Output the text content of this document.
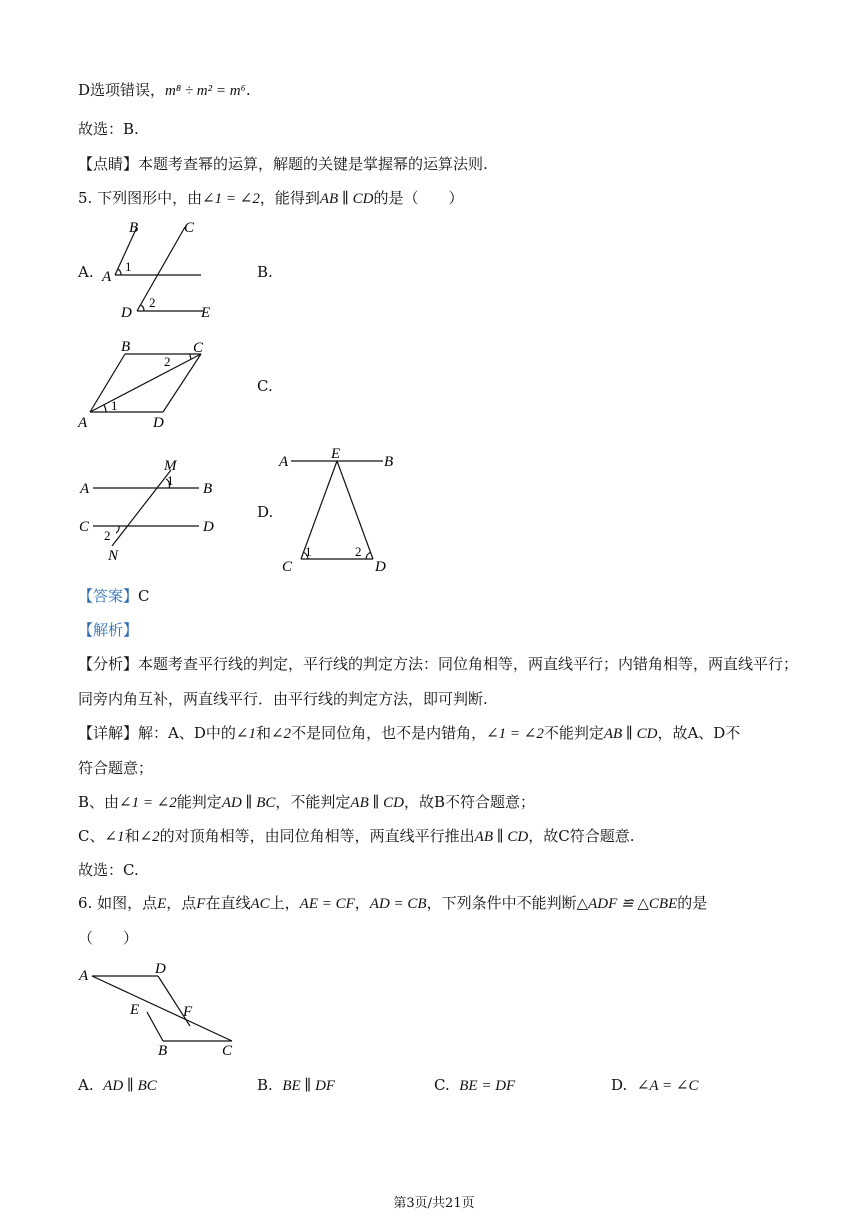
D选项错误，m⁸ ÷ m² = m⁶.
故选：B.
【点睛】本题考查幂的运算，解题的关键是掌握幂的运算法则.
5. 下列图形中，由∠1 = ∠2，能得到AB ∥ CD的是（　　）
A.	B.
C.
D.
B	C
A
D	E
1
2
B	C
A	D
1
2
M
A	B
C	D
N
1
2
A	E	B
C	D
1	2
【答案】C
【解析】
【分析】本题考查平行线的判定，平行线的判定方法：同位角相等，两直线平行；内错角相等，两直线平行；
同旁内角互补，两直线平行．由平行线的判定方法，即可判断.
【详解】解：A、D中的∠1和∠2不是同位角，也不是内错角，∠1 = ∠2不能判定AB ∥ CD，故A、D不
符合题意；
B、由∠1 = ∠2能判定AD ∥ BC，不能判定AB ∥ CD，故B不符合题意；
C、∠1和∠2的对顶角相等，由同位角相等，两直线平行推出AB ∥ CD，故C符合题意.
故选：C.
6. 如图，点E，点F在直线AC上，AE = CF，AD = CB，下列条件中不能判断△ADF ≌ △CBE的是
（　　）
A	D
E	F
B	C
A. AD ∥ BC	B. BE ∥ DF	C. BE = DF	D. ∠A = ∠C
第3页/共21页
